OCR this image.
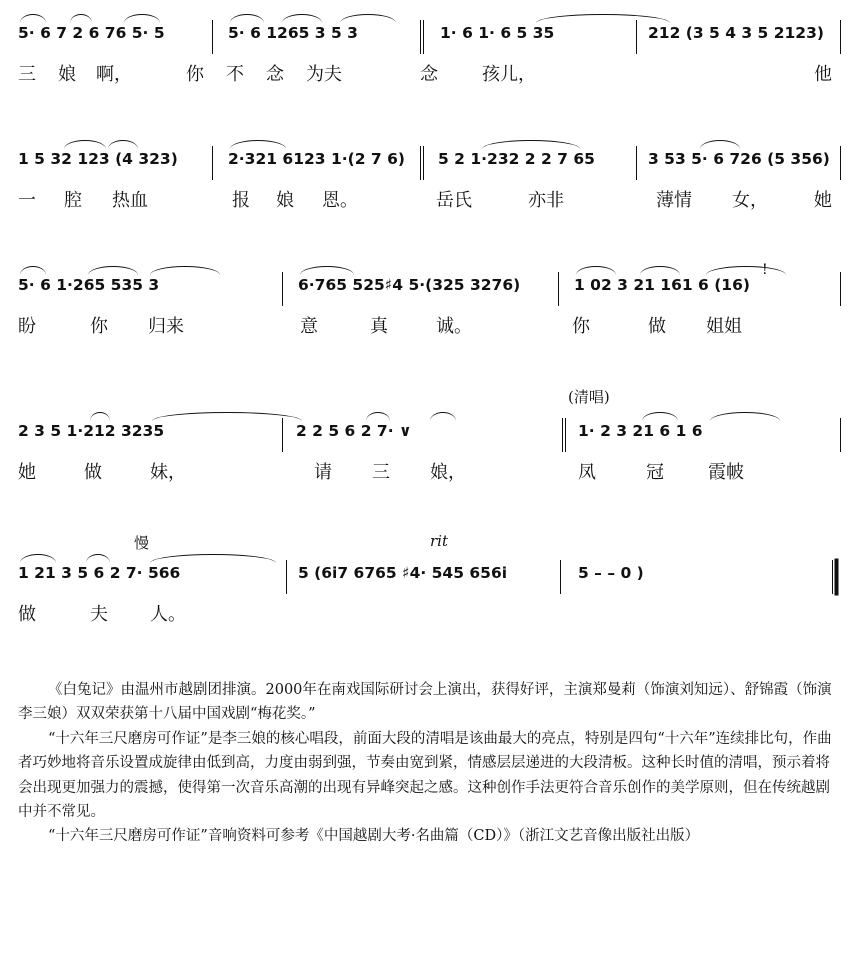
5· 6 7 2 6 76 5· 5	5· 6 1265 3 5 3	1· 6 1· 6 5 35	212 (3 5 4 3 5 2123)
三 娘 啊，	你 不 念 为夫	念 孩儿，	他
1 5 32 123 (4 323)	2·321 6123 1·(2 7 6) 5 2 1·232 2 2 7 65	3 53 5· 6 726 (5 356)
一 腔 热血	报 娘 恩。	岳氏	亦非	薄情 女，	她
5· 6 1·265 535 3	6·765 525♯4 5·(325 3276)	1 02 3 21 161 6 (16)
!
盼	你 归来	意	真	诚。	你	做 姐姐
(清唱)
2 3 5 1·212 3235	2 2 5 6 2 7· ∨	1· 2 3 21 6 1 6
她	做	妹，	请 三 娘，	凤	冠 霞帔
慢	rit
1 21 3 5 6 2 7· 566	5 (6i7 6765 ♯4· 545 656i	5 – – 0 )
做	夫 人。

《白兔记》由温州市越剧团排演。2000年在南戏国际研讨会上演出，获得好评，主演郑曼莉（饰演刘知远）、舒锦霞（饰演李三娘）双双荣获第十八届中国戏剧“梅花奖。”

“十六年三尺磨房可作证”是李三娘的核心唱段，前面大段的清唱是该曲最大的亮点，特别是四句“十六年”连续排比句，作曲者巧妙地将音乐设置成旋律由低到高，力度由弱到强，节奏由宽到紧，情感层层递进的大段清板。这种长时值的清唱，预示着将会出现更加强力的震撼，使得第一次音乐高潮的出现有异峰突起之感。这种创作手法更符合音乐创作的美学原则，但在传统越剧中并不常见。

“十六年三尺磨房可作证”音响资料可参考《中国越剧大考·名曲篇（CD）》（浙江文艺音像出版社出版）
